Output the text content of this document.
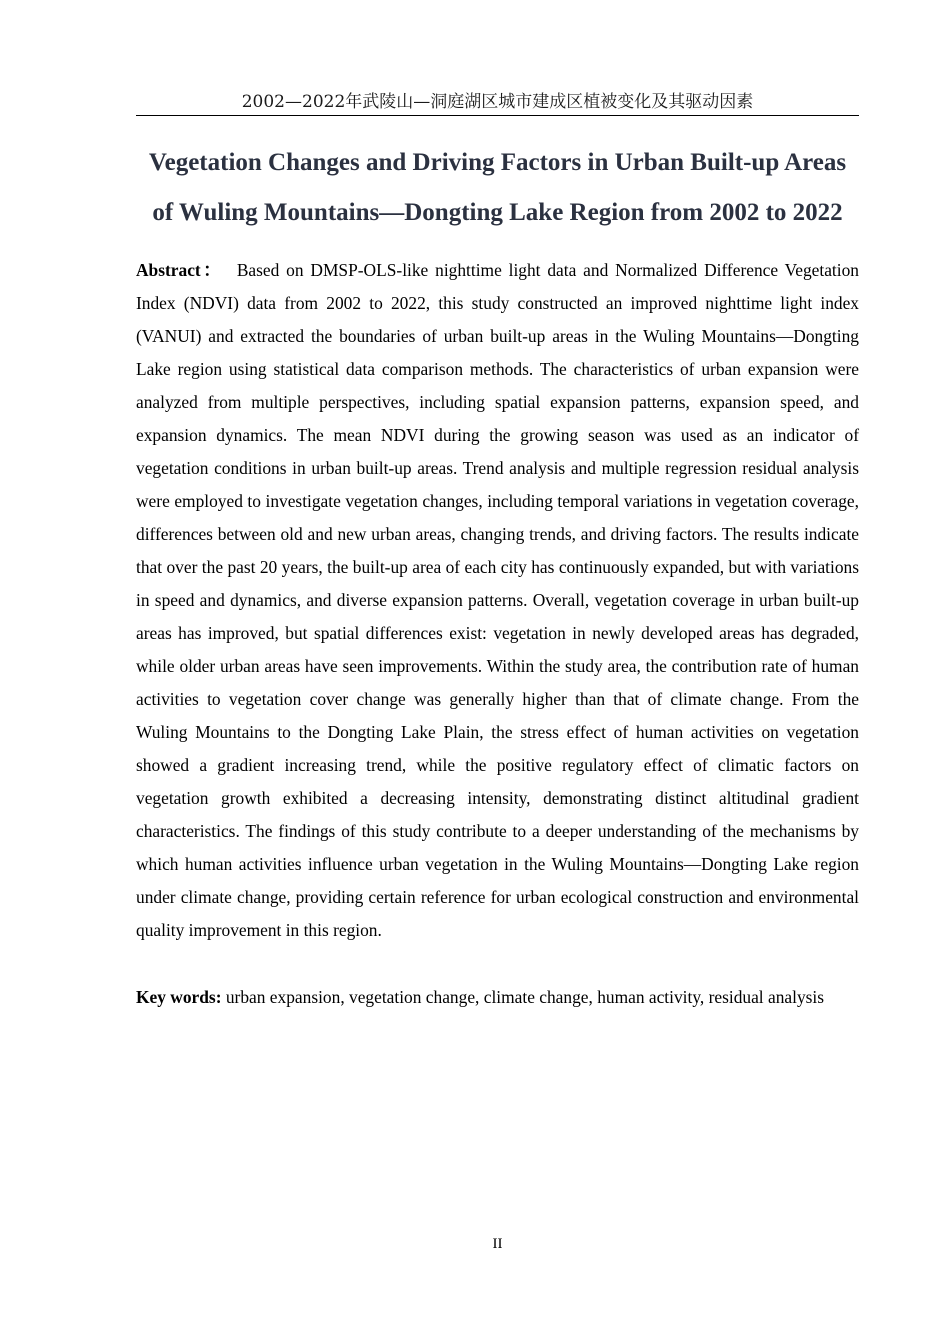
2002—2022年武陵山—洞庭湖区城市建成区植被变化及其驱动因素
Vegetation Changes and Driving Factors in Urban Built-up Areas
of Wuling Mountains—Dongting Lake Region from 2002 to 2022

Abstract： Based on DMSP-OLS-like nighttime light data and Normalized Difference Vegetation Index (NDVI) data from 2002 to 2022, this study constructed an improved nighttime light index (VANUI) and extracted the boundaries of urban built-up areas in the Wuling Mountains—Dongting Lake region using statistical data comparison methods. The characteristics of urban expansion were analyzed from multiple perspectives, including spatial expansion patterns, expansion speed, and expansion dynamics. The mean NDVI during the growing season was used as an indicator of vegetation conditions in urban built-up areas. Trend analysis and multiple regression residual analysis were employed to investigate vegetation changes, including temporal variations in vegetation coverage, differences between old and new urban areas, changing trends, and driving factors. The results indicate that over the past 20 years, the built-up area of each city has continuously expanded, but with variations in speed and dynamics, and diverse expansion patterns. Overall, vegetation coverage in urban built-up areas has improved, but spatial differences exist: vegetation in newly developed areas has degraded, while older urban areas have seen improvements. Within the study area, the contribution rate of human activities to vegetation cover change was generally higher than that of climate change. From the Wuling Mountains to the Dongting Lake Plain, the stress effect of human activities on vegetation showed a gradient increasing trend, while the positive regulatory effect of climatic factors on vegetation growth exhibited a decreasing intensity, demonstrating distinct altitudinal gradient characteristics. The findings of this study contribute to a deeper understanding of the mechanisms by which human activities influence urban vegetation in the Wuling Mountains—Dongting Lake region under climate change, providing certain reference for urban ecological construction and environmental quality improvement in this region.

Key words: urban expansion, vegetation change, climate change, human activity, residual analysis

II
